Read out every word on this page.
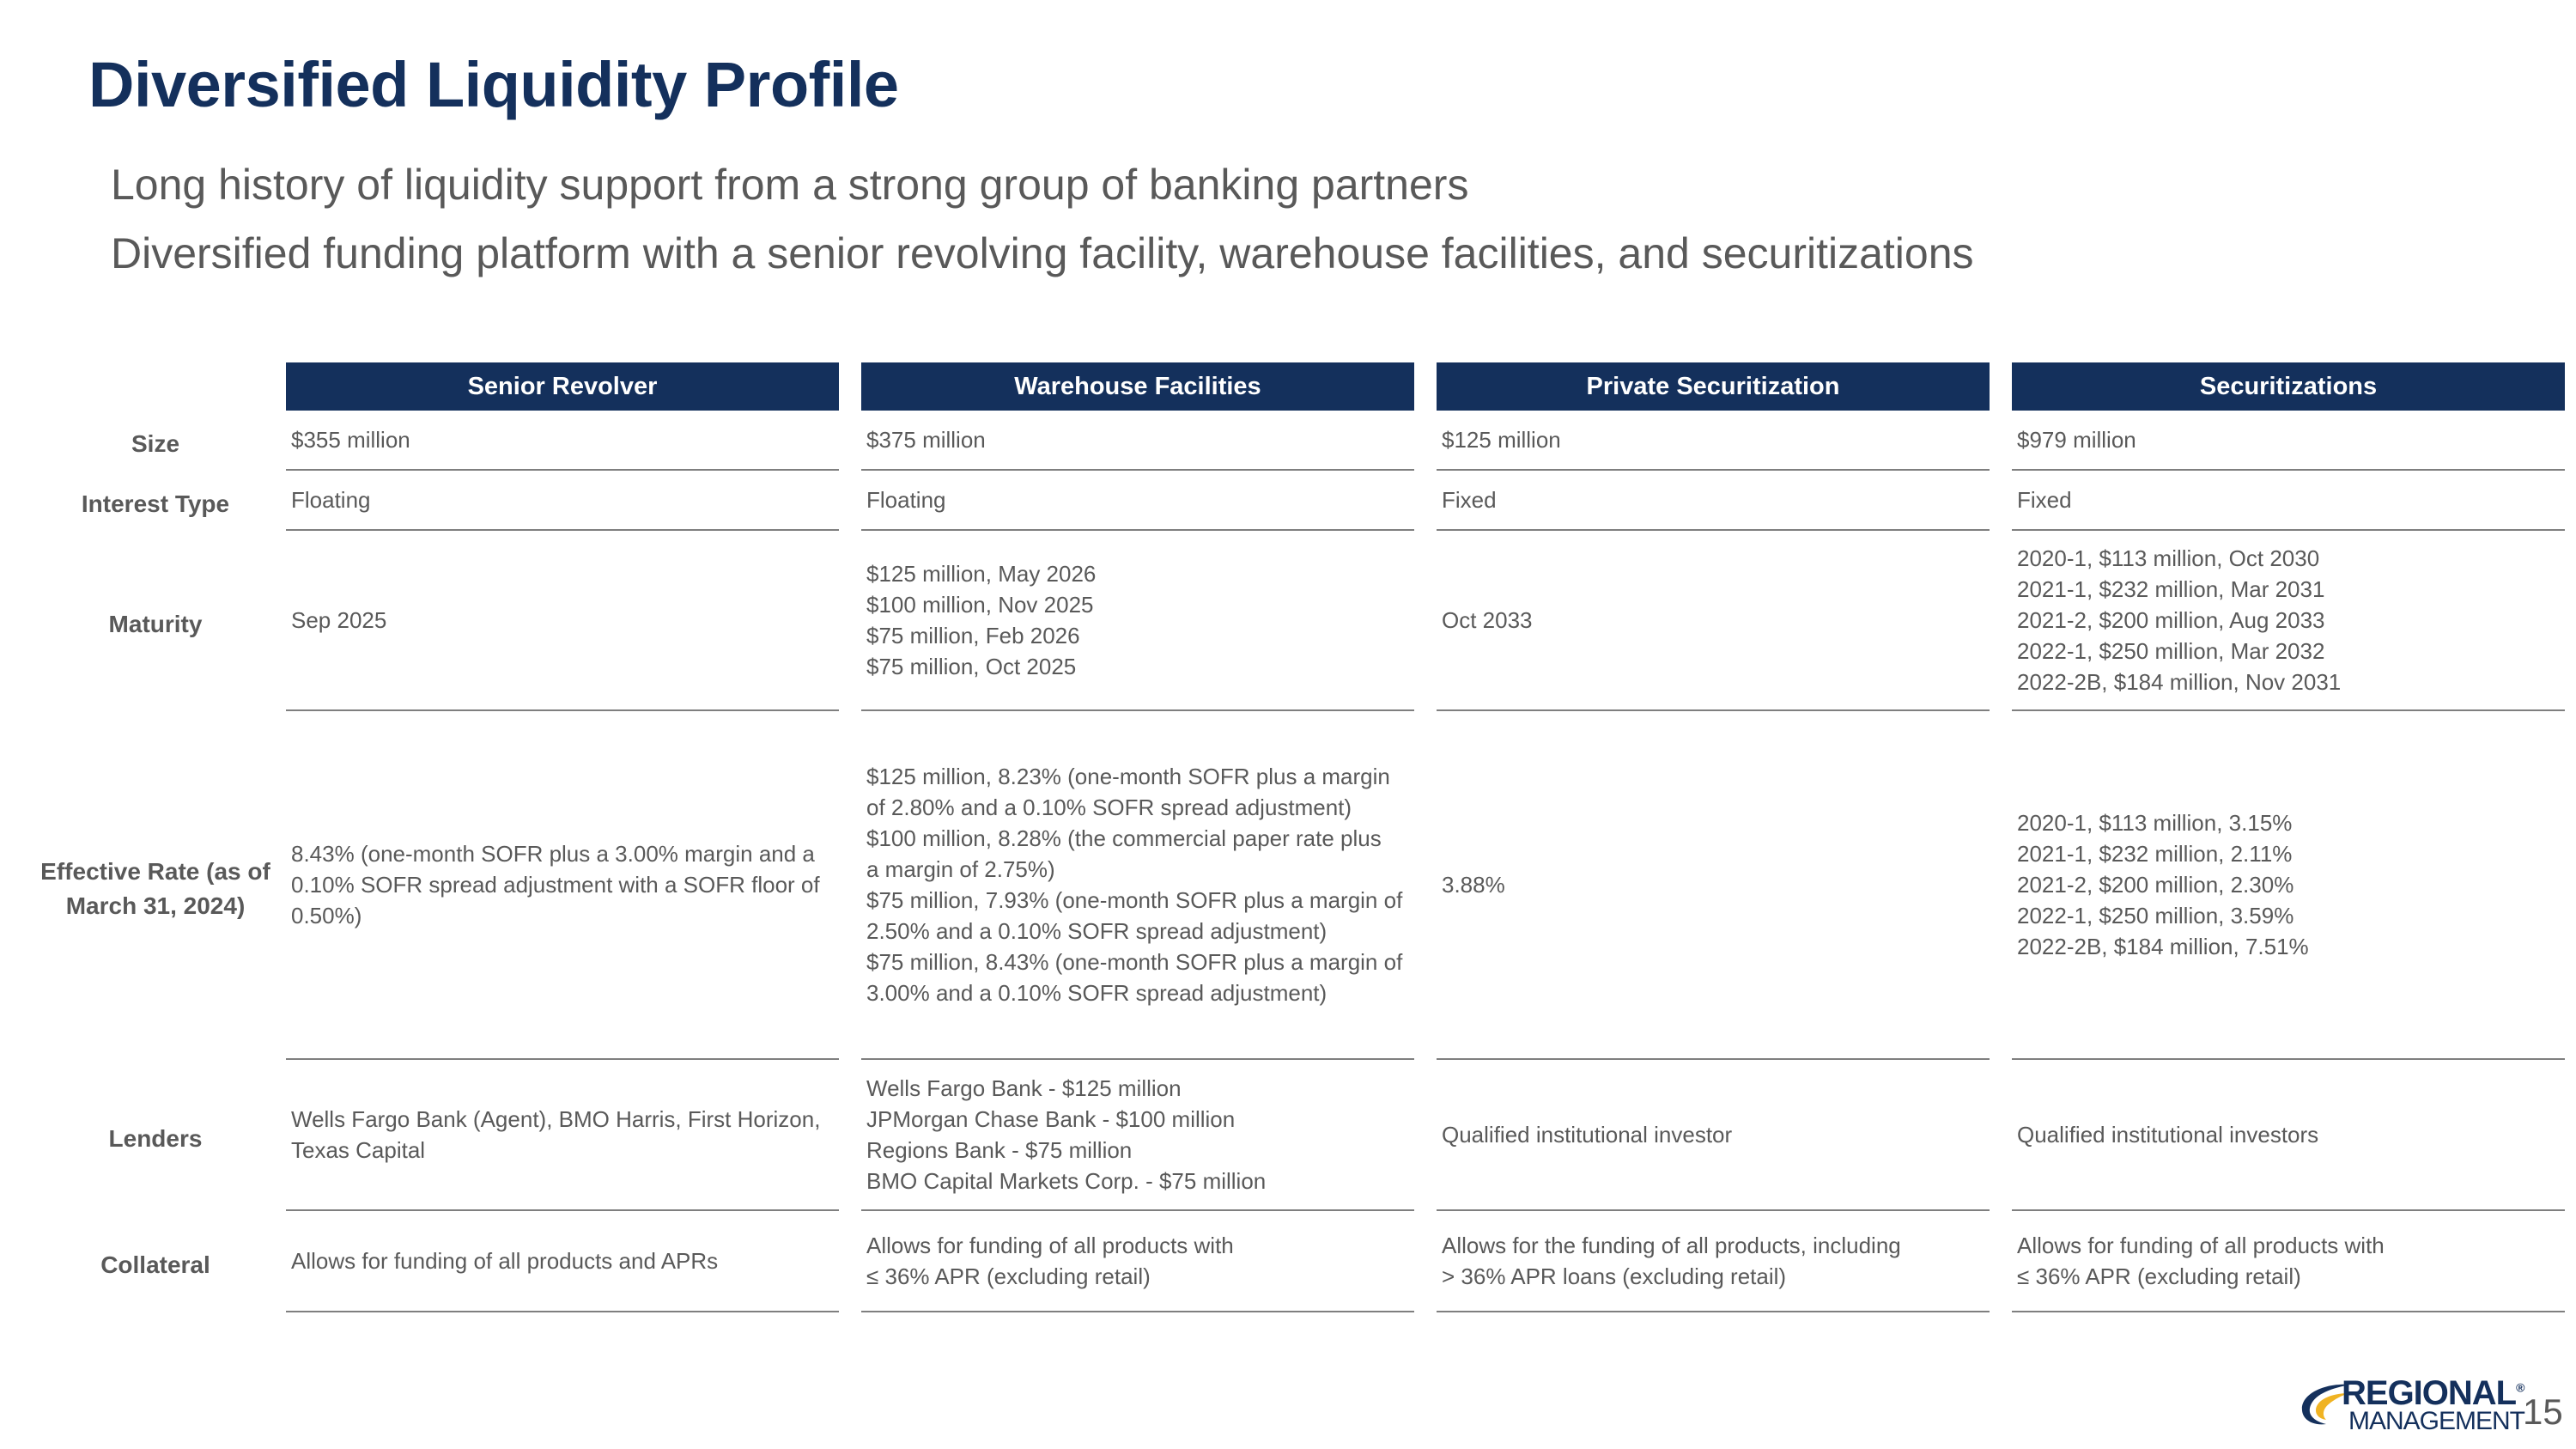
Diversified Liquidity Profile
Long history of liquidity support from a strong group of banking partners
Diversified funding platform with a senior revolving facility, warehouse facilities, and securitizations
Size
Interest Type
Maturity
Effective Rate (as of March 31, 2024)
Lenders
Collateral
Senior Revolver
$355 million
Floating
Sep 2025
8.43% (one-month SOFR plus a 3.00% margin and a
0.10% SOFR spread adjustment with a SOFR floor of
0.50%)
Wells Fargo Bank (Agent), BMO Harris, First Horizon,
Texas Capital
Allows for funding of all products and APRs
Warehouse Facilities
$375 million
Floating
$125 million, May 2026
$100 million, Nov 2025
$75 million, Feb 2026
$75 million, Oct 2025
$125 million, 8.23% (one-month SOFR plus a margin
of 2.80% and a 0.10% SOFR spread adjustment)
$100 million, 8.28% (the commercial paper rate plus
a margin of 2.75%)
$75 million, 7.93% (one-month SOFR plus a margin of
2.50% and a 0.10% SOFR spread adjustment)
$75 million, 8.43% (one-month SOFR plus a margin of
3.00% and a 0.10% SOFR spread adjustment)
Wells Fargo Bank - $125 million
JPMorgan Chase Bank - $100 million
Regions Bank - $75 million
BMO Capital Markets Corp. - $75 million
Allows for funding of all products with
≤ 36% APR (excluding retail)
Private Securitization
$125 million
Fixed
Oct 2033
3.88%
Qualified institutional investor
Allows for the funding of all products, including
> 36% APR loans (excluding retail)
Securitizations
$979 million
Fixed
2020-1, $113 million, Oct 2030
2021-1, $232 million, Mar 2031
2021-2, $200 million, Aug 2033
2022-1, $250 million, Mar 2032
2022-2B, $184 million, Nov 2031
2020-1, $113 million, 3.15%
2021-1, $232 million, 2.11%
2021-2, $200 million, 2.30%
2022-1, $250 million, 3.59%
2022-2B, $184 million, 7.51%
Qualified institutional investors
Allows for funding of all products with
≤ 36% APR (excluding retail)
REGIONAL®
MANAGEMENT
15
